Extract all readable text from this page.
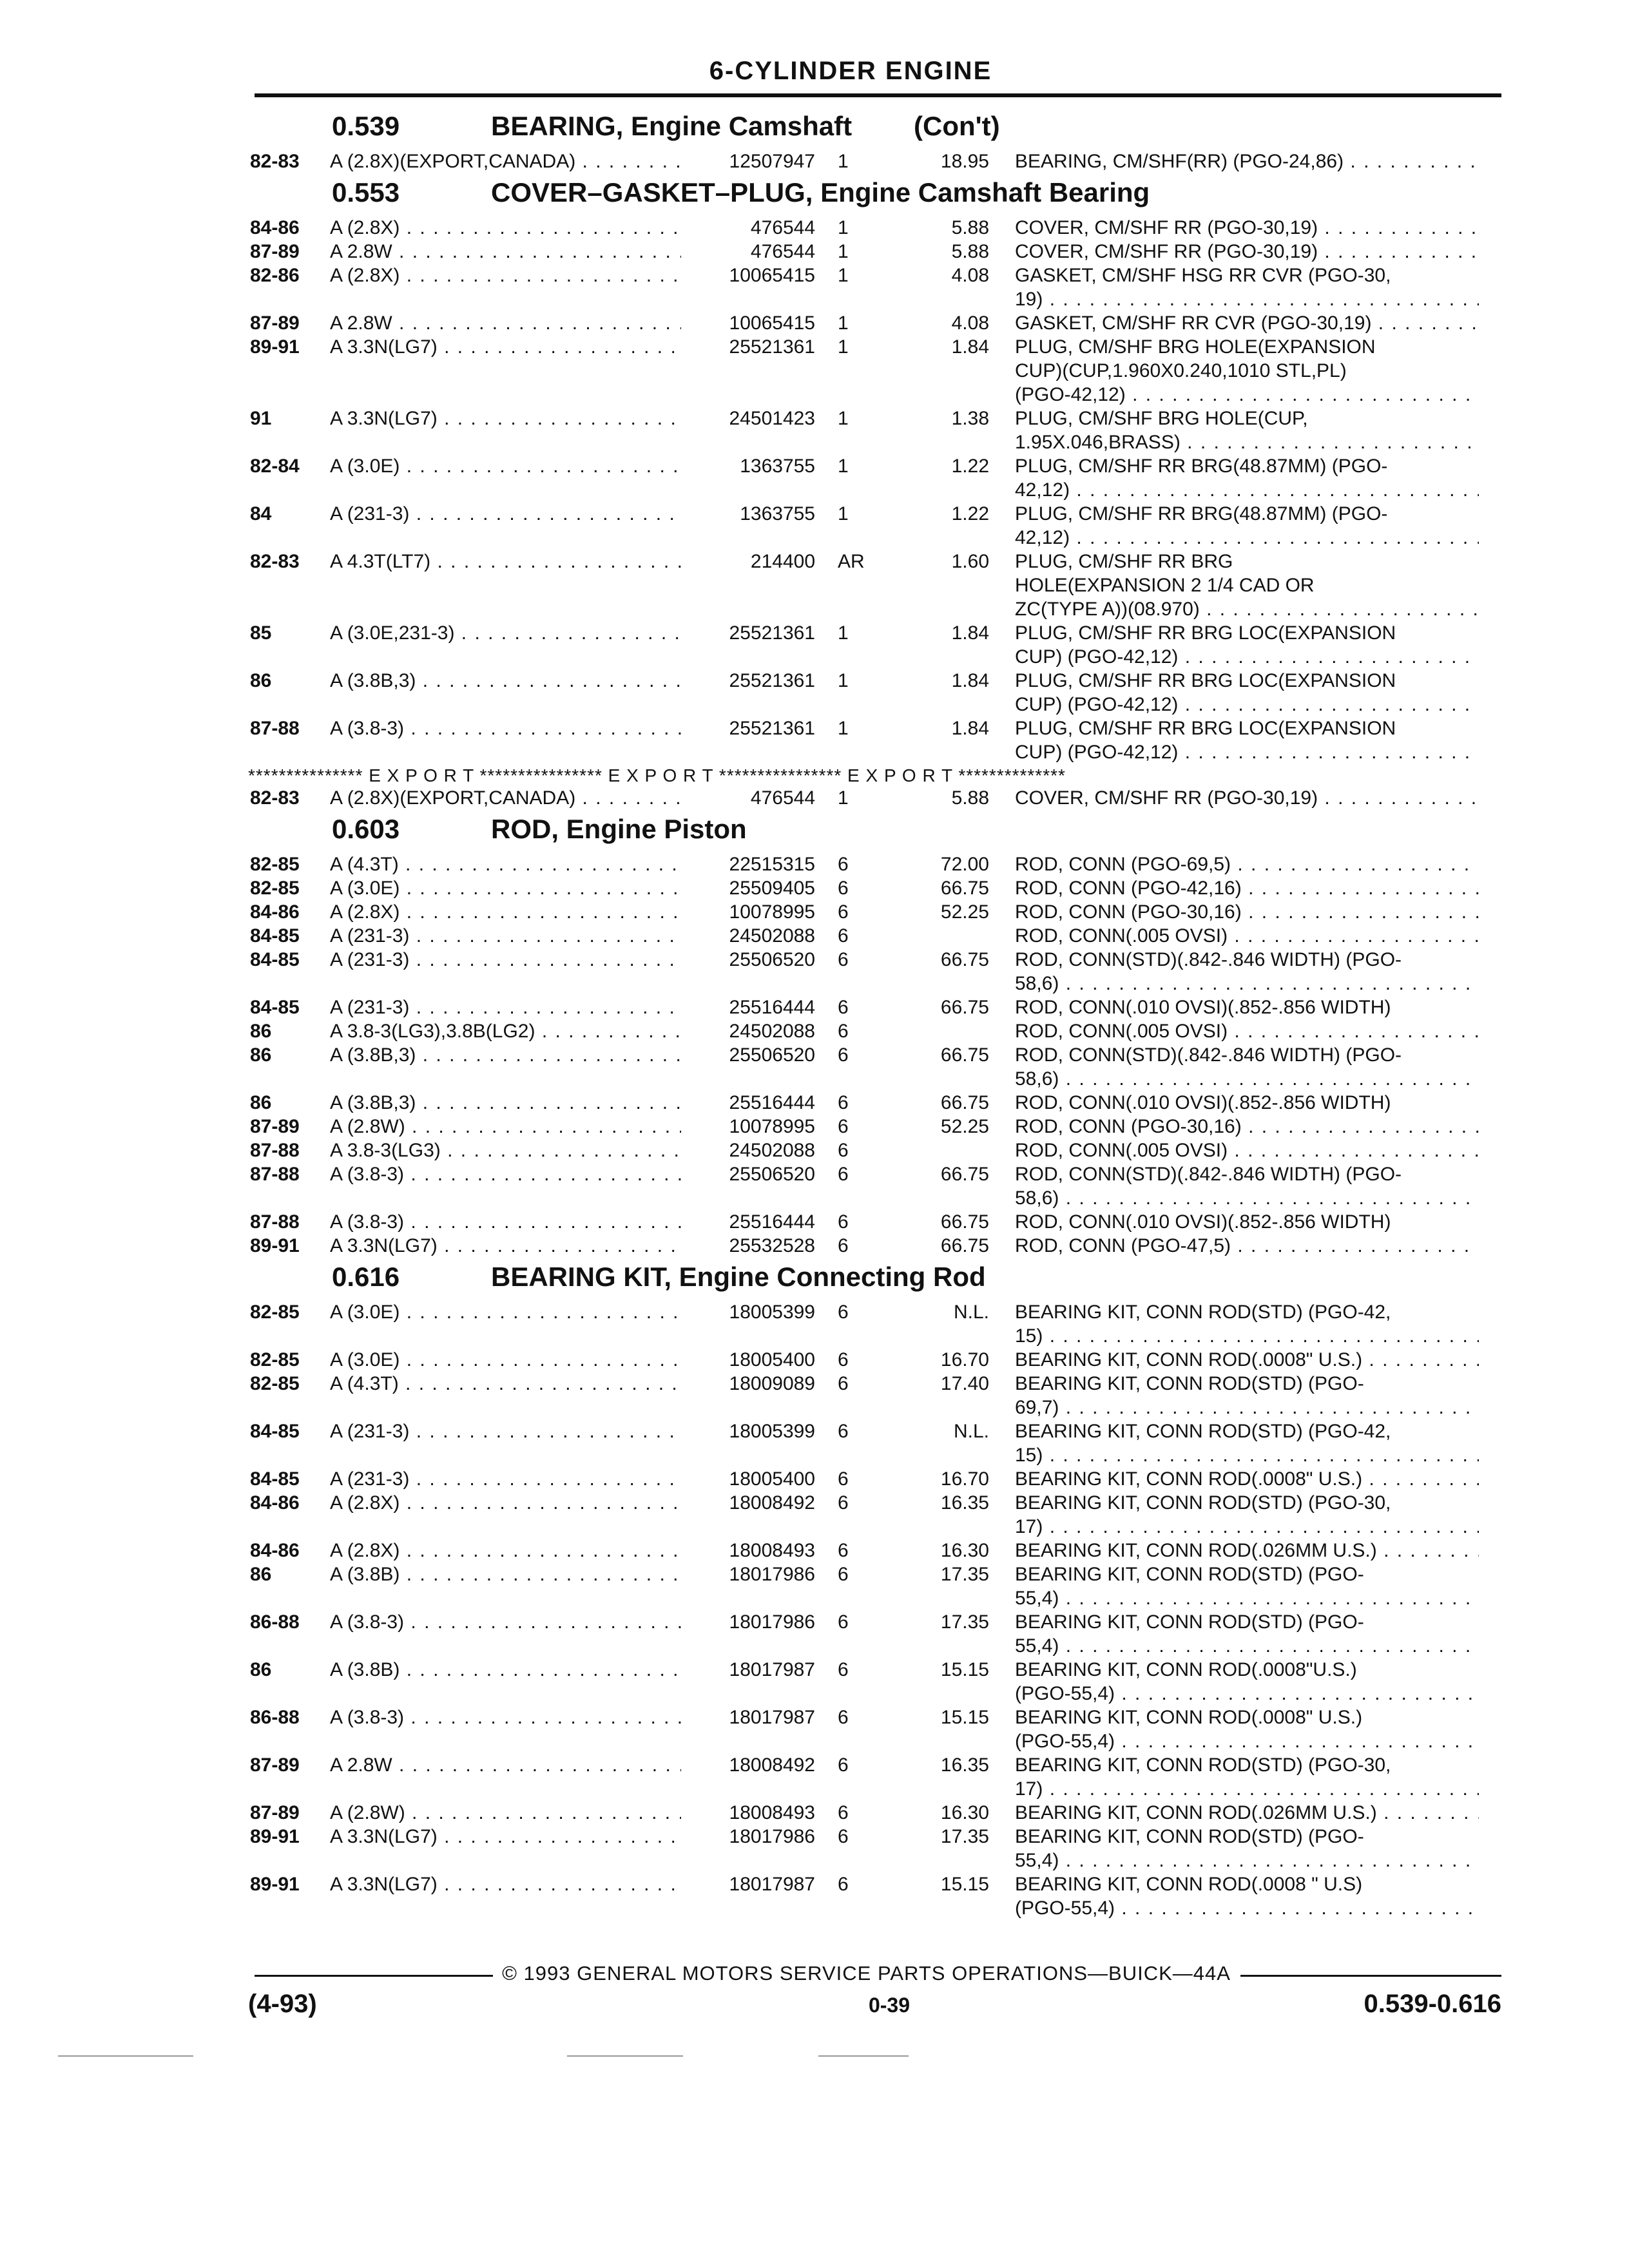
6-CYLINDER ENGINE
0.539	BEARING, Engine Camshaft (Con't)
82-83 A (2.8X)(EXPORT,CANADA) . . .	12507947 1	18.95 BEARING, CM/SHF(RR) (PGO-24,86) . . .
0.553	COVER–GASKET–PLUG, Engine Camshaft Bearing
84-86 A (2.8X) . . .	476544 1	5.88 COVER, CM/SHF RR (PGO-30,19) . . .
87-89 A 2.8W . . .	476544 1	5.88 COVER, CM/SHF RR (PGO-30,19) . . .
82-86 A (2.8X) . . .	10065415 1	4.08 GASKET, CM/SHF HSG RR CVR (PGO-30,
19) . . .
87-89 A 2.8W . . .	10065415 1	4.08 GASKET, CM/SHF RR CVR (PGO-30,19) . . .
89-91 A 3.3N(LG7) . . .	25521361 1	1.84 PLUG, CM/SHF BRG HOLE(EXPANSION
CUP)(CUP,1.960X0.240,1010 STL,PL)
(PGO-42,12) . . .
91	A 3.3N(LG7) . . .	24501423 1	1.38 PLUG, CM/SHF BRG HOLE(CUP,
1.95X.046,BRASS) . . .
82-84 A (3.0E) . . .	1363755 1	1.22 PLUG, CM/SHF RR BRG(48.87MM) (PGO-
42,12) . . .
84	A (231-3) . . .	1363755 1	1.22 PLUG, CM/SHF RR BRG(48.87MM) (PGO-
42,12) . . .
82-83 A 4.3T(LT7) . . .	214400 AR	1.60 PLUG, CM/SHF RR BRG
HOLE(EXPANSION 2 1/4 CAD OR
ZC(TYPE A))(08.970) . . .
85	A (3.0E,231-3) . . .	25521361 1	1.84 PLUG, CM/SHF RR BRG LOC(EXPANSION
CUP) (PGO-42,12) . . .
86	A (3.8B,3) . . .	25521361 1	1.84 PLUG, CM/SHF RR BRG LOC(EXPANSION
CUP) (PGO-42,12) . . .
87-88 A (3.8-3) . . .	25521361 1	1.84 PLUG, CM/SHF RR BRG LOC(EXPANSION
CUP) (PGO-42,12) . . .
*************** E X P O R T **************** E X P O R T **************** E X P O R T **************
82-83 A (2.8X)(EXPORT,CANADA) . . .	476544 1	5.88 COVER, CM/SHF RR (PGO-30,19) . . .
0.603	ROD, Engine Piston
82-85 A (4.3T) . . .	22515315 6	72.00 ROD, CONN (PGO-69,5) . . .
82-85 A (3.0E) . . .	25509405 6	66.75 ROD, CONN (PGO-42,16) . . .
84-86 A (2.8X) . . .	10078995 6	52.25 ROD, CONN (PGO-30,16) . . .
84-85 A (231-3) . . .	24502088 6	ROD, CONN(.005 OVSI) . . .
84-85 A (231-3) . . .	25506520 6	66.75 ROD, CONN(STD)(.842-.846 WIDTH) (PGO-
58,6) . . .
84-85 A (231-3) . . .	25516444 6	66.75 ROD, CONN(.010 OVSI)(.852-.856 WIDTH)
86	A 3.8-3(LG3),3.8B(LG2) . . .	24502088 6	ROD, CONN(.005 OVSI) . . .
86	A (3.8B,3) . . .	25506520 6	66.75 ROD, CONN(STD)(.842-.846 WIDTH) (PGO-
58,6) . . .
86	A (3.8B,3) . . .	25516444 6	66.75 ROD, CONN(.010 OVSI)(.852-.856 WIDTH)
87-89 A (2.8W) . . .	10078995 6	52.25 ROD, CONN (PGO-30,16) . . .
87-88 A 3.8-3(LG3) . . .	24502088 6	ROD, CONN(.005 OVSI) . . .
87-88 A (3.8-3) . . .	25506520 6	66.75 ROD, CONN(STD)(.842-.846 WIDTH) (PGO-
58,6) . . .
87-88 A (3.8-3) . . .	25516444 6	66.75 ROD, CONN(.010 OVSI)(.852-.856 WIDTH)
89-91 A 3.3N(LG7) . . .	25532528 6	66.75 ROD, CONN (PGO-47,5) . . .
0.616	BEARING KIT, Engine Connecting Rod
82-85 A (3.0E) . . .	18005399 6	N.L. BEARING KIT, CONN ROD(STD) (PGO-42,
15) . . .
82-85 A (3.0E) . . .	18005400 6	16.70 BEARING KIT, CONN ROD(.0008" U.S.) . . .
82-85 A (4.3T) . . .	18009089 6	17.40 BEARING KIT, CONN ROD(STD) (PGO-
69,7) . . .
84-85 A (231-3) . . .	18005399 6	N.L. BEARING KIT, CONN ROD(STD) (PGO-42,
15) . . .
84-85 A (231-3) . . .	18005400 6	16.70 BEARING KIT, CONN ROD(.0008" U.S.) . . .
84-86 A (2.8X) . . .	18008492 6	16.35 BEARING KIT, CONN ROD(STD) (PGO-30,
17) . . .
84-86 A (2.8X) . . .	18008493 6	16.30 BEARING KIT, CONN ROD(.026MM U.S.) . . .
86	A (3.8B) . . .	18017986 6	17.35 BEARING KIT, CONN ROD(STD) (PGO-
55,4) . . .
86-88 A (3.8-3) . . .	18017986 6	17.35 BEARING KIT, CONN ROD(STD) (PGO-
55,4) . . .
86	A (3.8B) . . .	18017987 6	15.15 BEARING KIT, CONN ROD(.0008"U.S.)
(PGO-55,4) . . .
86-88 A (3.8-3) . . .	18017987 6	15.15 BEARING KIT, CONN ROD(.0008" U.S.)
(PGO-55,4) . . .
87-89 A 2.8W . . .	18008492 6	16.35 BEARING KIT, CONN ROD(STD) (PGO-30,
17) . . .
87-89 A (2.8W) . . .	18008493 6	16.30 BEARING KIT, CONN ROD(.026MM U.S.) . . .
89-91 A 3.3N(LG7) . . .	18017986 6	17.35 BEARING KIT, CONN ROD(STD) (PGO-
55,4) . . .
89-91 A 3.3N(LG7) . . .	18017987 6	15.15 BEARING KIT, CONN ROD(.0008 " U.S)
(PGO-55,4) . . .
© 1993 GENERAL MOTORS SERVICE PARTS OPERATIONS—BUICK—44A
(4-93)	0-39	0.539-0.616
